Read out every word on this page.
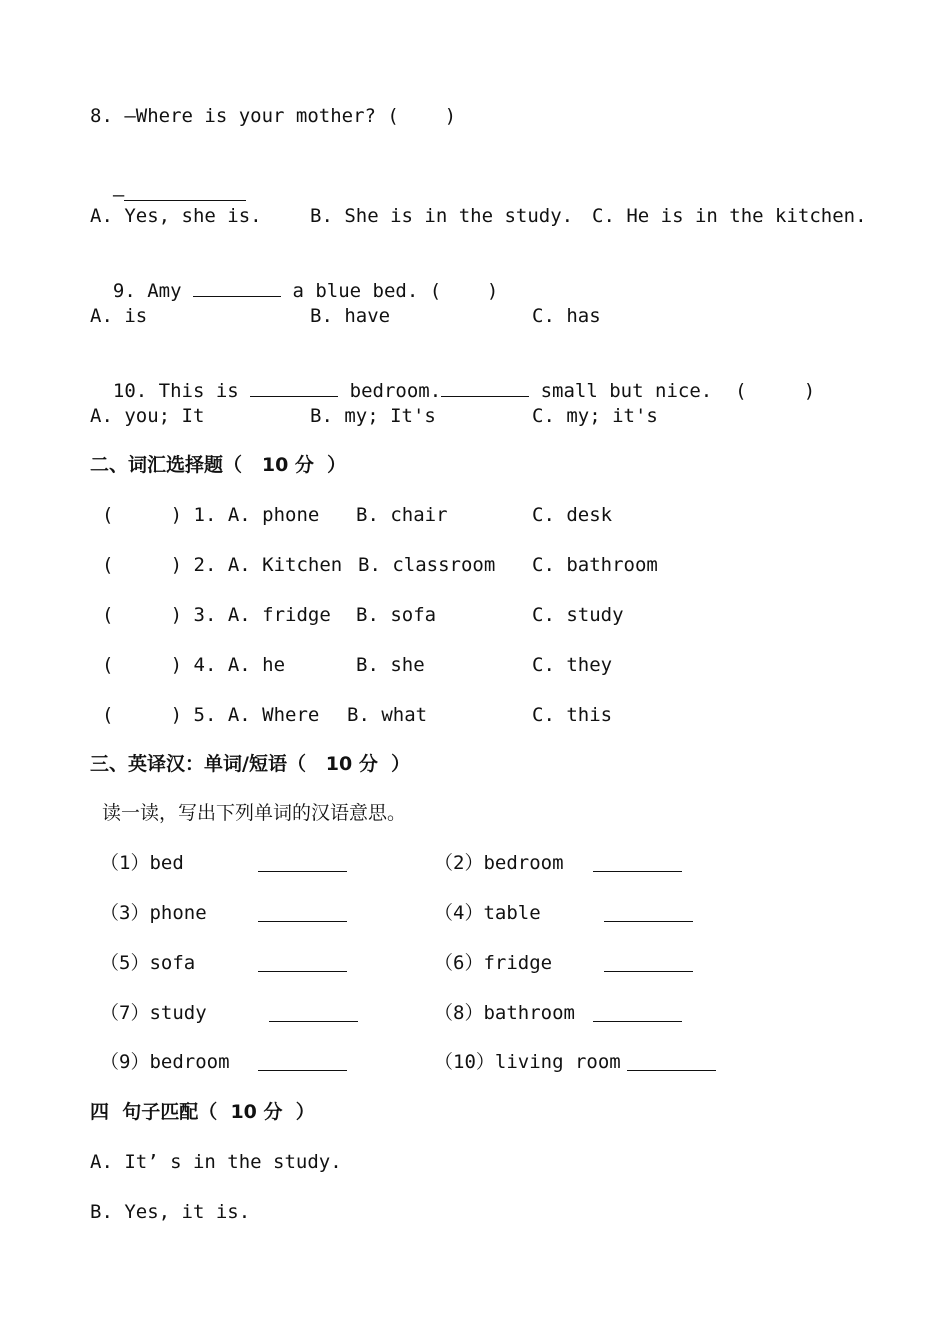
8. —Where is your mother? (    )

—

A. Yes, she is.	B. She is in the study. C. He is in the kitchen.

9. Amy	a blue bed. (    )

A. is	B. have	C. has

10. This is	bedroom.	small but nice.  (     )

A. you; It	B. my; It's	C. my; it's
二、词汇选择题（   10 分  ）
(     ) 1. A. phone B. chair	C. desk
(     ) 2. A. Kitchen B. classroom C. bathroom
(     ) 3. A. fridge B. sofa	C. study
(     ) 4. A. he	B. she	C. they
(     ) 5. A. Where B. what	C. this
三、英译汉：单词/短语（   10 分  ）
读一读，写出下列单词的汉语意思。
（1）bed	（2）bedroom
（3）phone	（4）table
（5）sofa	（6）fridge
（7）study	（8）bathroom
（9）bedroom	（10）living room
四  句子匹配（  10 分  ）
A. It’ s in the study.
B. Yes, it is.
